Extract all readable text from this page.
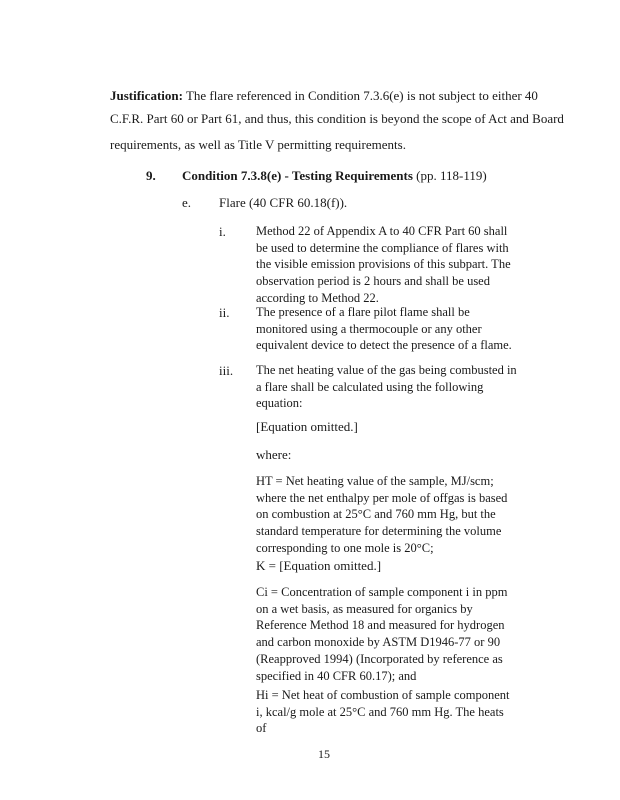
Justification: The flare referenced in Condition 7.3.6(e) is not subject to either 40
C.F.R. Part 60 or Part 61, and thus, this condition is beyond the scope of Act and Board
requirements, as well as Title V permitting requirements.
9. Condition 7.3.8(e) - Testing Requirements (pp. 118-119)
e. Flare (40 CFR 60.18(f)).
i. Method 22 of Appendix A to 40 CFR Part 60 shall be used to determine the compliance of flares with the visible emission provisions of this subpart. The observation period is 2 hours and shall be used according to Method 22.
ii. The presence of a flare pilot flame shall be monitored using a thermocouple or any other equivalent device to detect the presence of a flame.
iii. The net heating value of the gas being combusted in a flare shall be calculated using the following equation:
[Equation omitted.]
where:
HT = Net heating value of the sample, MJ/scm; where the net enthalpy per mole of offgas is based on combustion at 25°C and 760 mm Hg, but the standard temperature for determining the volume corresponding to one mole is 20°C;
K = [Equation omitted.]
Ci = Concentration of sample component i in ppm on a wet basis, as measured for organics by Reference Method 18 and measured for hydrogen and carbon monoxide by ASTM D1946-77 or 90 (Reapproved 1994) (Incorporated by reference as specified in 40 CFR 60.17); and
Hi = Net heat of combustion of sample component i, kcal/g mole at 25°C and 760 mm Hg. The heats of
15
